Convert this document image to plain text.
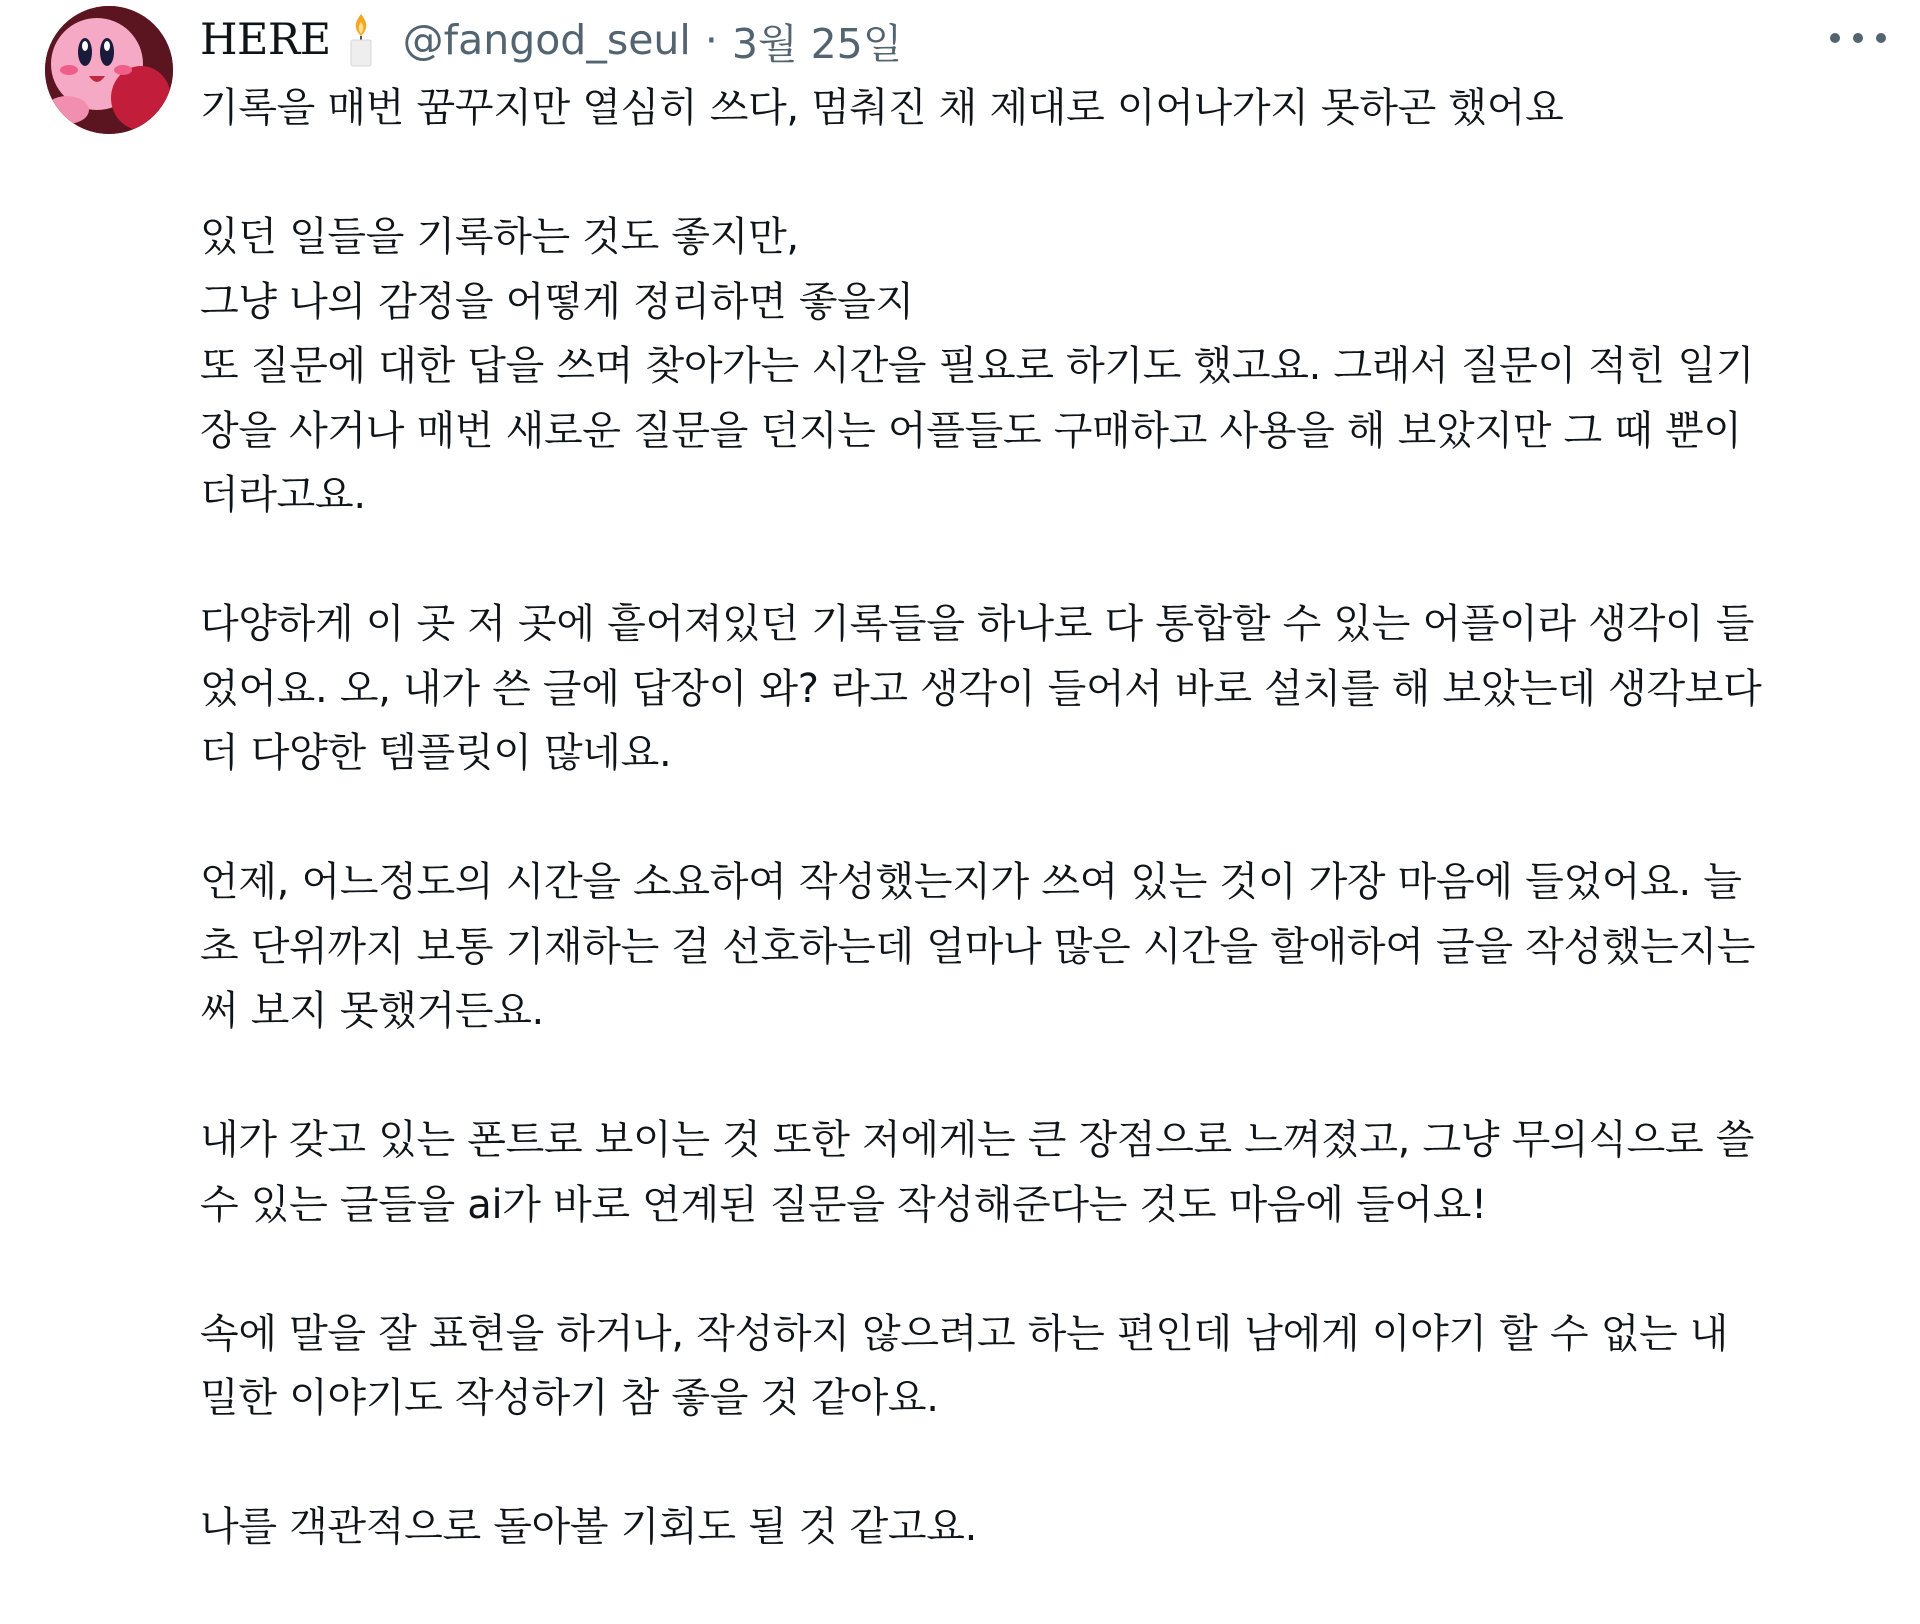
HERE @fangod_seul · 3월 25일

기록을 매번 꿈꾸지만 열심히 쓰다, 멈춰진 채 제대로 이어나가지 못하곤 했어요

있던 일들을 기록하는 것도 좋지만,
그냥 나의 감정을 어떻게 정리하면 좋을지
또 질문에 대한 답을 쓰며 찾아가는 시간을 필요로 하기도 했고요. 그래서 질문이 적힌 일기
장을 사거나 매번 새로운 질문을 던지는 어플들도 구매하고 사용을 해 보았지만 그 때 뿐이
더라고요.

다양하게 이 곳 저 곳에 흩어져있던 기록들을 하나로 다 통합할 수 있는 어플이라 생각이 들
었어요. 오, 내가 쓴 글에 답장이 와? 라고 생각이 들어서 바로 설치를 해 보았는데 생각보다
더 다양한 템플릿이 많네요.

언제, 어느정도의 시간을 소요하여 작성했는지가 쓰여 있는 것이 가장 마음에 들었어요. 늘
초 단위까지 보통 기재하는 걸 선호하는데 얼마나 많은 시간을 할애하여 글을 작성했는지는
써 보지 못했거든요.

내가 갖고 있는 폰트로 보이는 것 또한 저에게는 큰 장점으로 느껴졌고, 그냥 무의식으로 쓸
수 있는 글들을 ai가 바로 연계된 질문을 작성해준다는 것도 마음에 들어요!

속에 말을 잘 표현을 하거나, 작성하지 않으려고 하는 편인데 남에게 이야기 할 수 없는 내
밀한 이야기도 작성하기 참 좋을 것 같아요.

나를 객관적으로 돌아볼 기회도 될 것 같고요.
